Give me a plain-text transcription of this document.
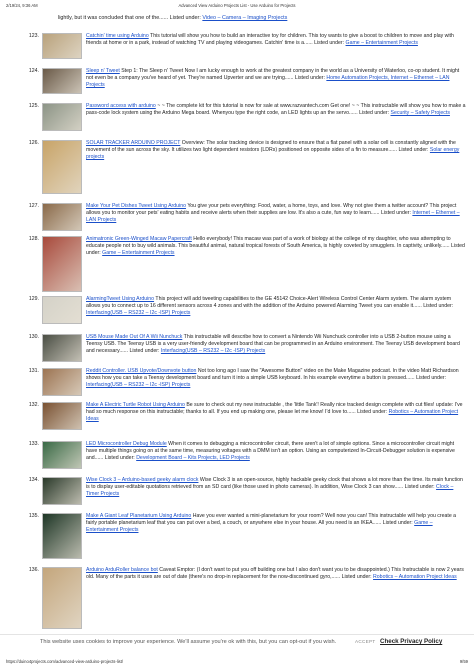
2/19/24, 9:36 AM	Advanced View Arduino Projects List - Use Arduino for Projects
lightly, but it was concluded that one of the...... Listed under: Video – Camera – Imaging Projects
123.	Catchin' time using Arduino This tutorial will show you how to build an interactive toy for children. This toy wants to give a boost to children to move and play with friends at home or in a park, instead of watching TV and playing videogames. Catchin' time is a...... Listed under: Game – Entertainment Projects
124.	Sleep n' Tweet Step 1: The Sleep n' Tweet Now I am lucky enough to work at the greatest company in the world as a University of Waterloo, co-op student. It might not even be a company you've heard of yet. They're named Upverter and we are trying...... Listed under: Home Automation Projects, Internet – Ethernet – LAN Projects
125.	Password access with arduino ~ ~ The complete kit for this tutorial is now for sale at www.razvantech.com Get one! ~ ~ This instructable will show you how to make a pass-code lock system using the Arduino Mega board. Whenyou type the right code, an LED lights up an the servo...... Listed under: Security – Safety Projects
126.	SOLAR TRACKER ARDUINO PROJECT Overview: The solar tracking device is designed to ensure that a flat panel with a solar cell is constantly aligned with the movement of the sun across the sky. It utilizes two light dependent resistors (LDRs) positioned on opposite sides of a fin to measure...... Listed under: Solar energy projects
127.	Make Your Pet Dishes Tweet Using Arduino You give your pets everything: Food, water, a home, toys, and love. Why not give them a twitter account? This project allows you to monitor your pets' eating habits and receive alerts when their supplies are low. It's also a cute, fun way to learn...... Listed under: Internet – Ethernet – LAN Projects
128.	Animatronic Green-Winged Macaw Papercraft Hello everybody! This macaw was part of a work of biology at the college of my daughter, who was attempting to educate people not to buy wild animals. This beautiful animal, natural tropical forests of South America, is highly coveted by smugglers. In captivity, unlikely...... Listed under: Game – Entertainment Projects
129.	AlarmingTweet Using Arduino This project will add tweeting capabilities to the GE 45142 Choice-Alert Wireless Control Center Alarm system. The alarm system allows you to connect up to 16 different sensors across 4 zones and with the addition of the Arduino powered Alarming Tweet you can enable it...... Listed under: Interfacing(USB – RS232 – I2c -ISP) Projects
130.	USB Mouse Made Out Of A Wii Nunchuck This instructable will describe how to convert a Nintendo Wii Nunchuck controller into a USB 2-button mouse using a Teensy USB. The Teensy USB is a very user-friendly development board that can be programmed in an Arduino environment. The Teensy USB development board and necessary...... Listed under: Interfacing(USB – RS232 – I2c -ISP) Projects
131.	Reddit Controller. USB Upvote/Downvote button Not too long ago I saw the "Awesome Button" video on the Make Magazine podcast. In the video Matt Richardson shows how you can take a Teensy development board and turn it into a simple USB keyboard. In his example everytime a button is pressed...... Listed under: Interfacing(USB – RS232 – I2c -ISP) Projects
132.	Make A Electric Turtle Robot Using Arduino Be sure to check out my new instructable , the 'little Tank'! Really nice tracked design complete with cut files! update: I've had so much response on this instructable; thanks to all. If you end up making one, please let me know! I'd love to...... Listed under: Robotics – Automation Project Ideas
133.	LED Microcontroller Debug Module When it comes to debugging a microcontroller circuit, there aren't a lot of simple options. Since a microcontroller circuit might have multiple things going on at the same time, measuring voltages with a DMM isn't an option. Using an computerized In-Circuit-Debugger solution is expensive and...... Listed under: Development Board – Kits Projects, LED Projects
134.	Wise Clock 3 – Arduino-based geeky alarm clock Wise Clock 3 is an open-source, highly hackable geeky clock that shows a lot more than the time. Its main function is to display user-editable quotations retrieved from an SD card (like those used in photo cameras). In addition, Wise Clock 3 can show...... Listed under: Clock – Timer Projects
135.	Make A Giant Leaf Planetarium Using Arduino Have you ever wanted a mini-planetarium for your room? Well now you can! This instructable will help you create a fairly portable planetarium leaf that you can put over a bed, a couch, or anywhere else in your house. All you need is an IKEA...... Listed under: Game – Entertainment Projects
136.	Arduino ArduRoller balance bot Caveat Emptor: (I don't want to put you off building one but I also don't want you to be disappointed.) This Instructable is now 2 years old. Many of the parts it uses are out of date (there's no drop-in replacement for the now-discontinued gyro,...... Listed under: Robotics – Automation Project Ideas
This website uses cookies to improve your experience. We'll assume you're ok with this, but you can opt-out if you wish.	ACCEPT Check Privacy Policy
https://duino4projects.com/advanced-view-arduino-projects-list/	9/59
